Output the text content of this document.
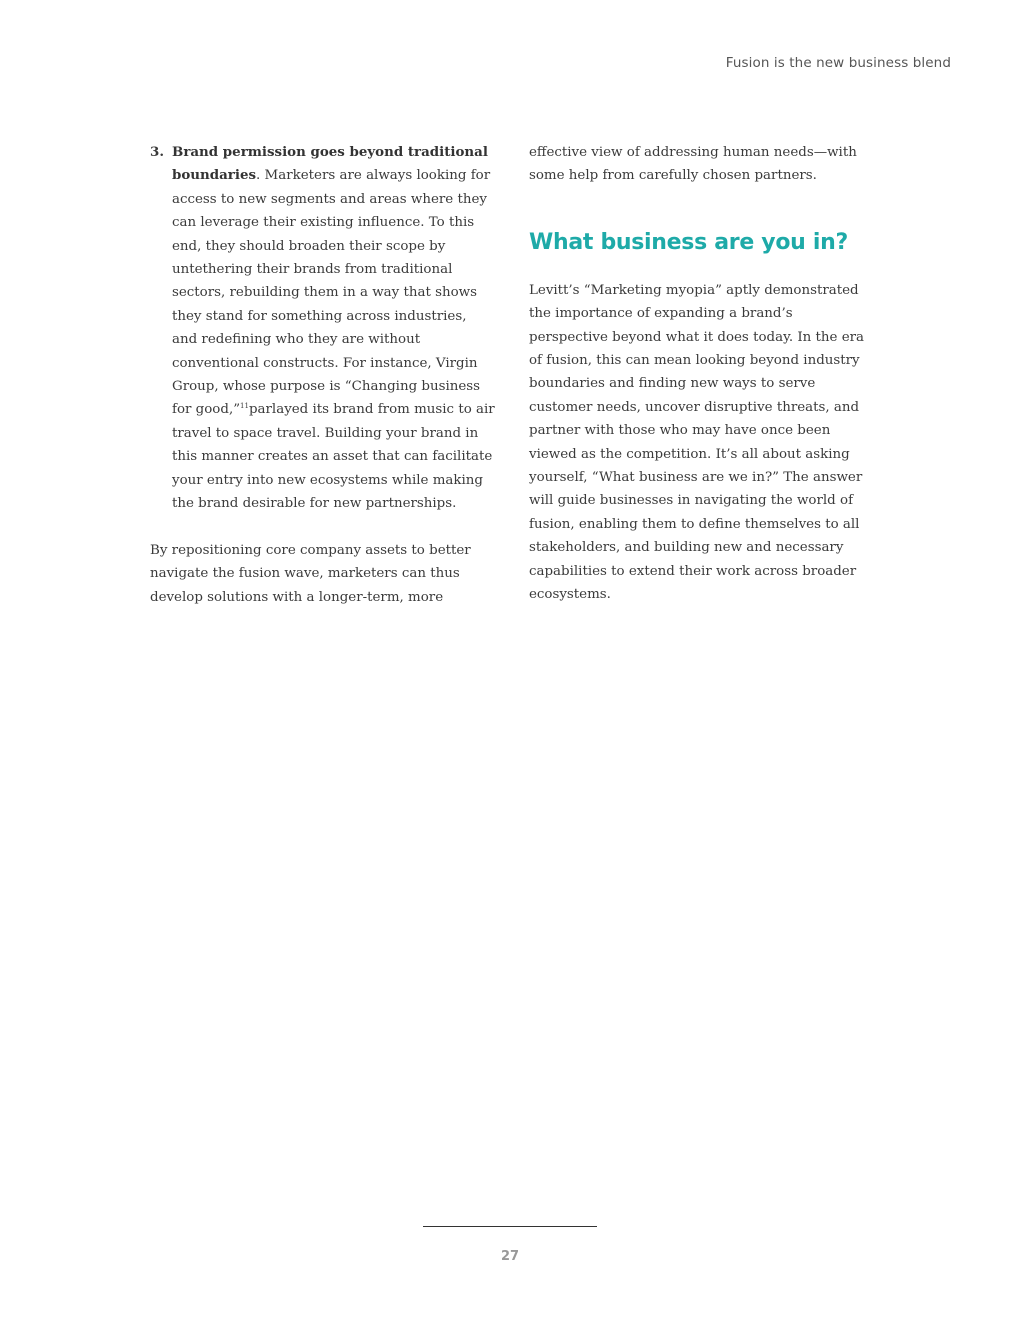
Fusion is the new business blend
3. Brand permission goes beyond traditional boundaries. Marketers are always looking for access to new segments and areas where they can leverage their existing influence. To this end, they should broaden their scope by untethering their brands from traditional sectors, rebuilding them in a way that shows they stand for something across industries, and redefining who they are without conventional constructs. For instance, Virgin Group, whose purpose is “Changing business for good,”$^{11}$parlayed its brand from music to air travel to space travel. Building your brand in this manner creates an asset that can facilitate your entry into new ecosystems while making the brand desirable for new partnerships.

By repositioning core company assets to better navigate the fusion wave, marketers can thus develop solutions with a longer-term, more

effective view of addressing human needs—with some help from carefully chosen partners.

What business are you in?

Levitt’s “Marketing myopia” aptly demonstrated the importance of expanding a brand’s perspective beyond what it does today. In the era of fusion, this can mean looking beyond industry boundaries and finding new ways to serve customer needs, uncover disruptive threats, and partner with those who may have once been viewed as the competition. It’s all about asking yourself, “What business are we in?” The answer will guide businesses in navigating the world of fusion, enabling them to define themselves to all stakeholders, and building new and necessary capabilities to extend their work across broader ecosystems.

27
